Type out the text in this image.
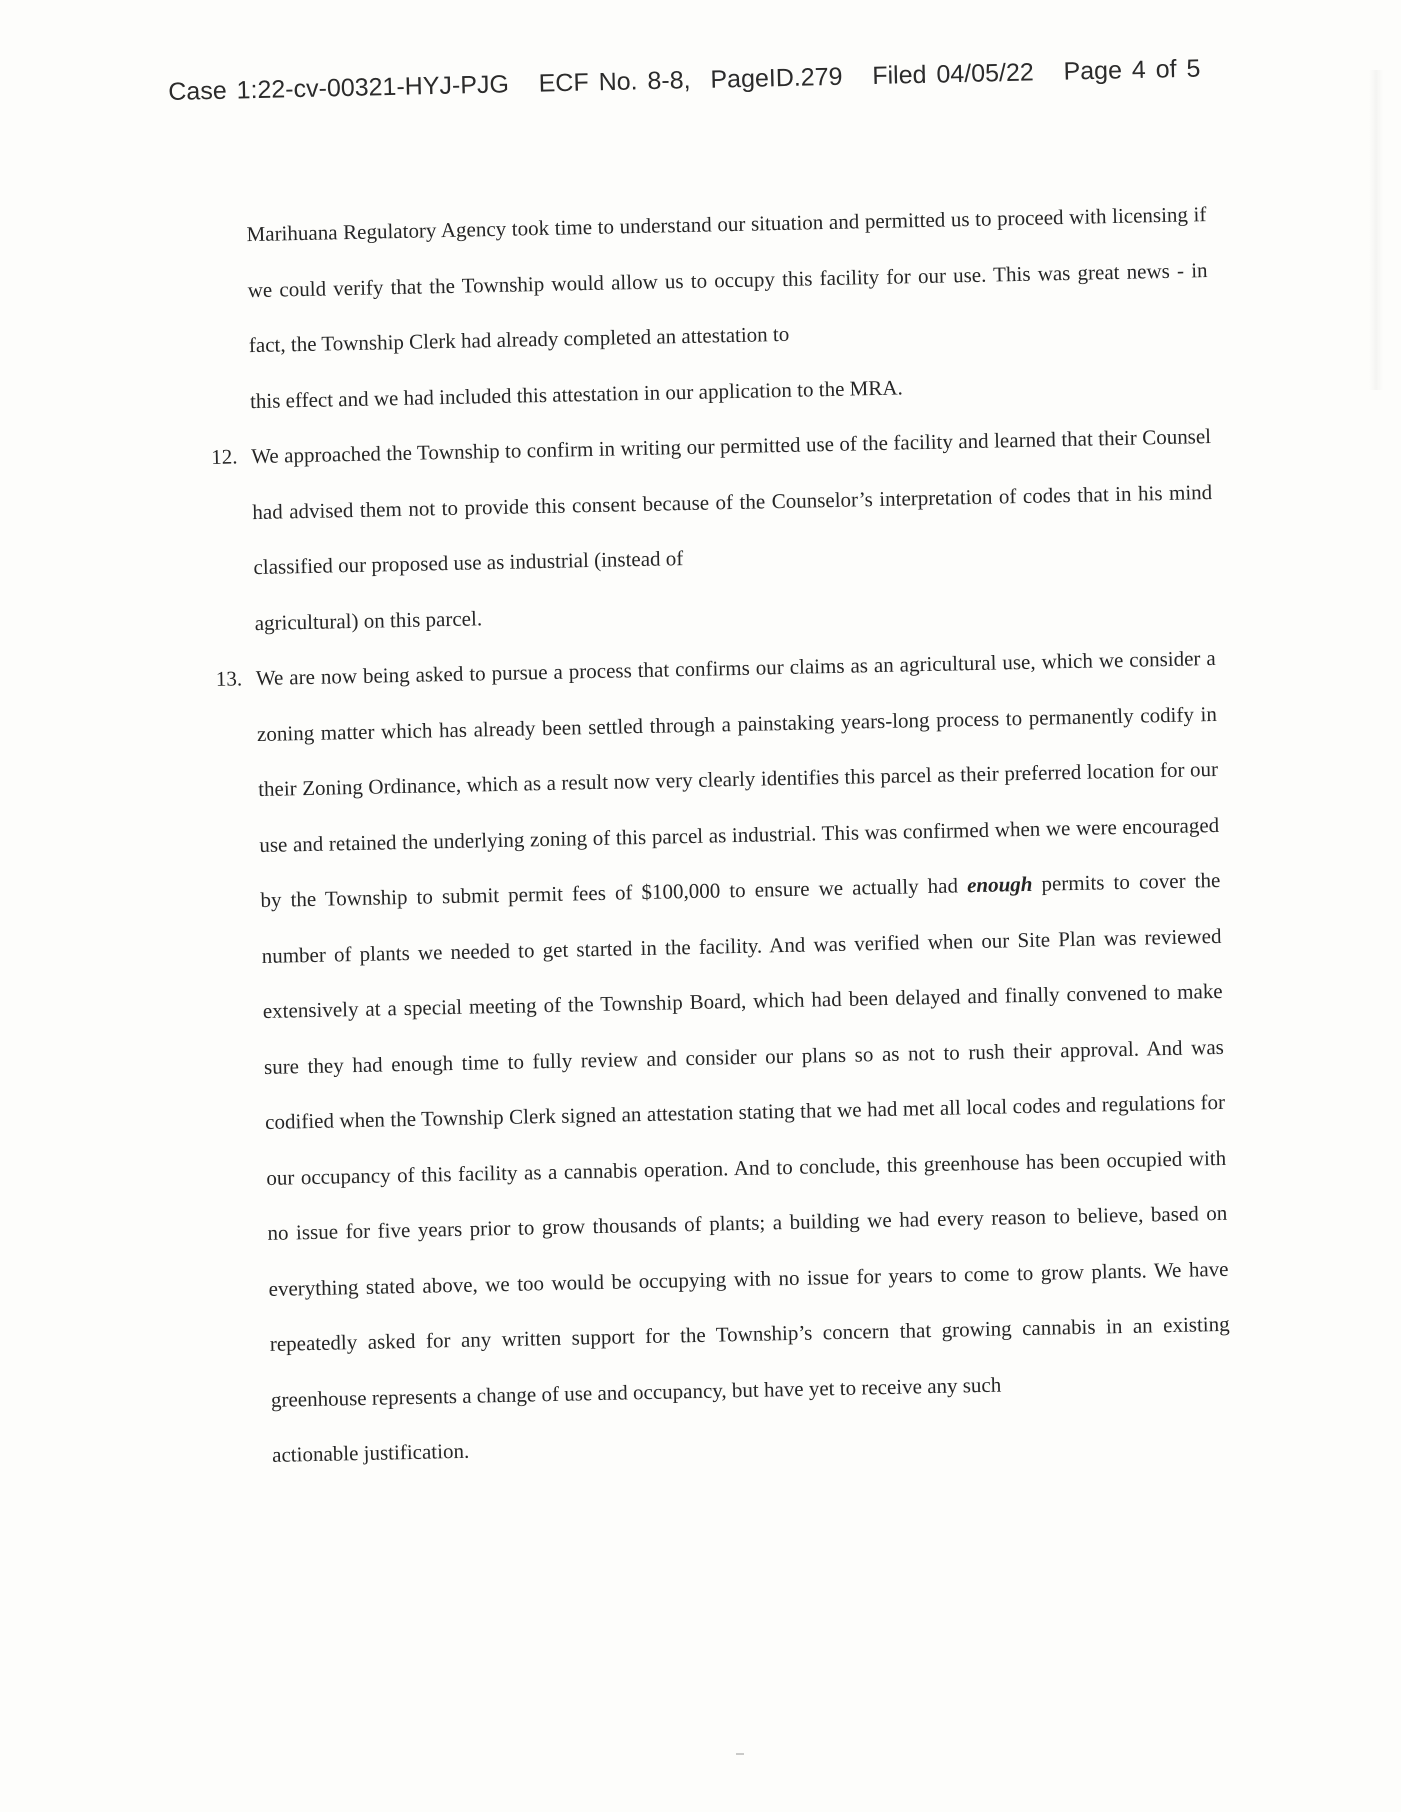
Case 1:22-cv-00321-HYJ-PJG ECF No. 8-8, PageID.279 Filed 04/05/22 Page 4 of 5
Marihuana Regulatory Agency took time to understand our situation and permitted us to proceed with licensing if we could verify that the Township would allow us to occupy this facility for our use. This was great news - in fact, the Township Clerk had already completed an attestation to
this effect and we had included this attestation in our application to the MRA.
12. We approached the Township to confirm in writing our permitted use of the facility and learned that their Counsel had advised them not to provide this consent because of the Counselor’s interpretation of codes that in his mind classified our proposed use as industrial (instead of
agricultural) on this parcel.
13. We are now being asked to pursue a process that confirms our claims as an agricultural use, which we consider a zoning matter which has already been settled through a painstaking years-long process to permanently codify in their Zoning Ordinance, which as a result now very clearly identifies this parcel as their preferred location for our use and retained the underlying zoning of this parcel as industrial. This was confirmed when we were encouraged by the Township to submit permit fees of $100,000 to ensure we actually had enough permits to cover the number of plants we needed to get started in the facility. And was verified when our Site Plan was reviewed extensively at a special meeting of the Township Board, which had been delayed and finally convened to make sure they had enough time to fully review and consider our plans so as not to rush their approval. And was codified when the Township Clerk signed an attestation stating that we had met all local codes and regulations for our occupancy of this facility as a cannabis operation. And to conclude, this greenhouse has been occupied with no issue for five years prior to grow thousands of plants; a building we had every reason to believe, based on everything stated above, we too would be occupying with no issue for years to come to grow plants. We have repeatedly asked for any written support for the Township’s concern that growing cannabis in an existing greenhouse represents a change of use and occupancy, but have yet to receive any such
actionable justification.
